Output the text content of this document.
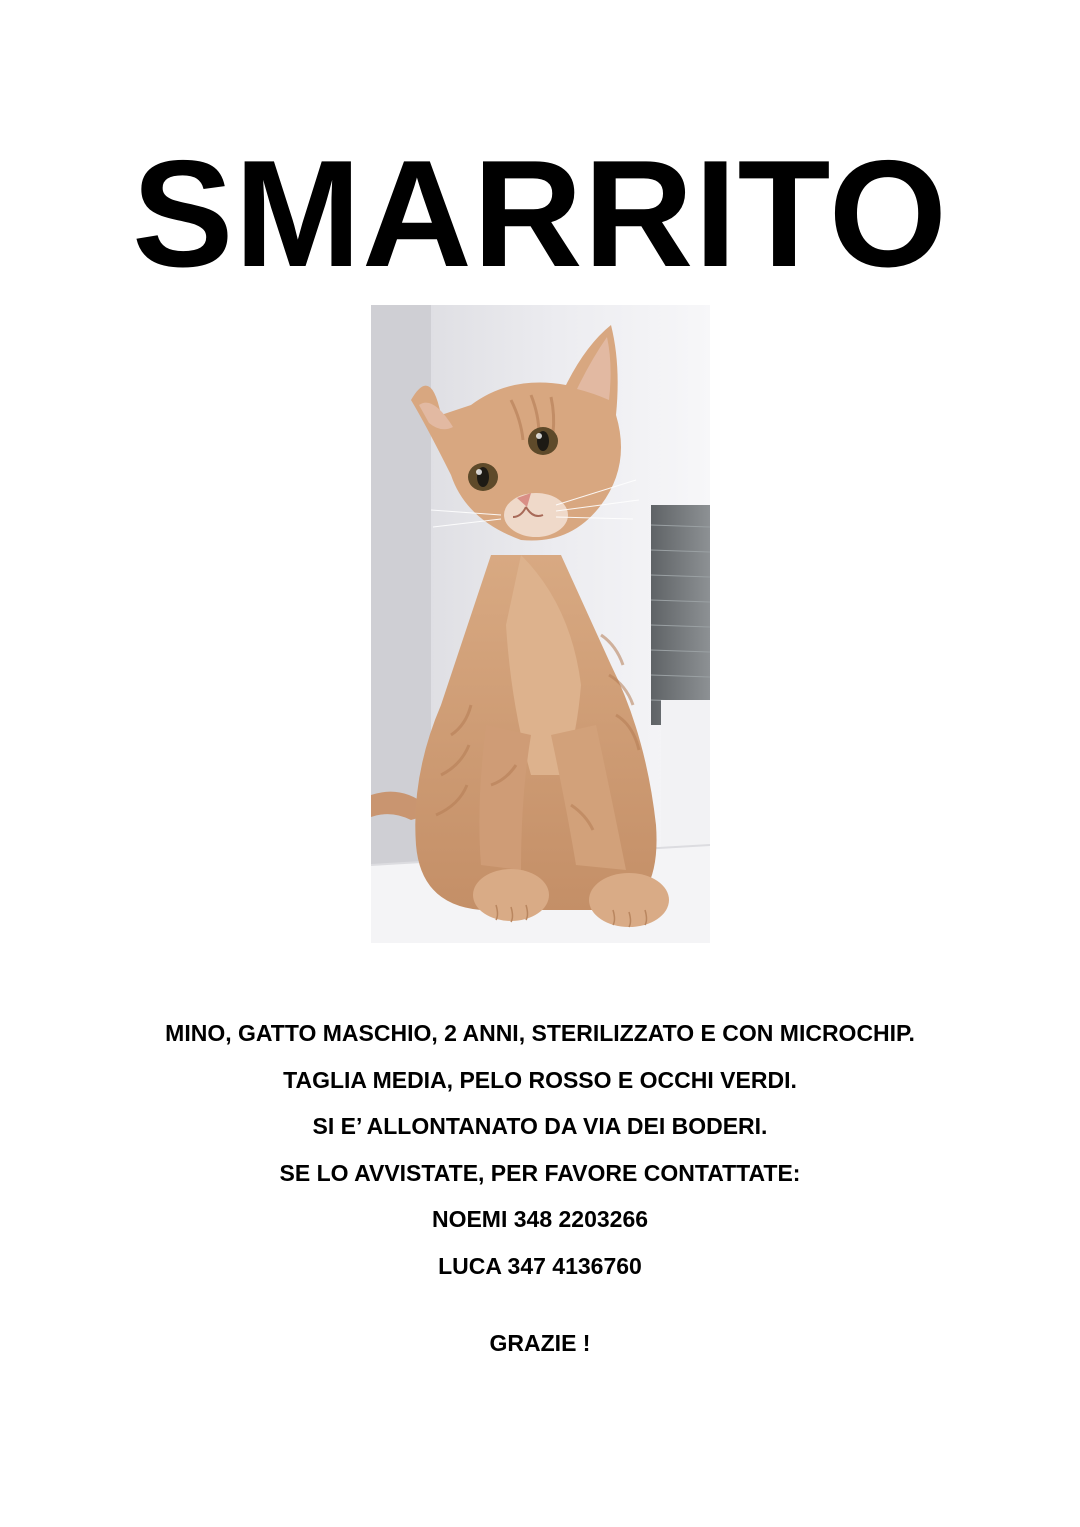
SMARRITO
MINO, GATTO MASCHIO, 2 ANNI, STERILIZZATO E CON MICROCHIP.
TAGLIA MEDIA, PELO ROSSO E OCCHI VERDI.
SI E’ ALLONTANATO DA VIA DEI BODERI.
SE LO AVVISTATE, PER FAVORE CONTATTATE:
NOEMI 348 2203266
LUCA 347 4136760
GRAZIE !
